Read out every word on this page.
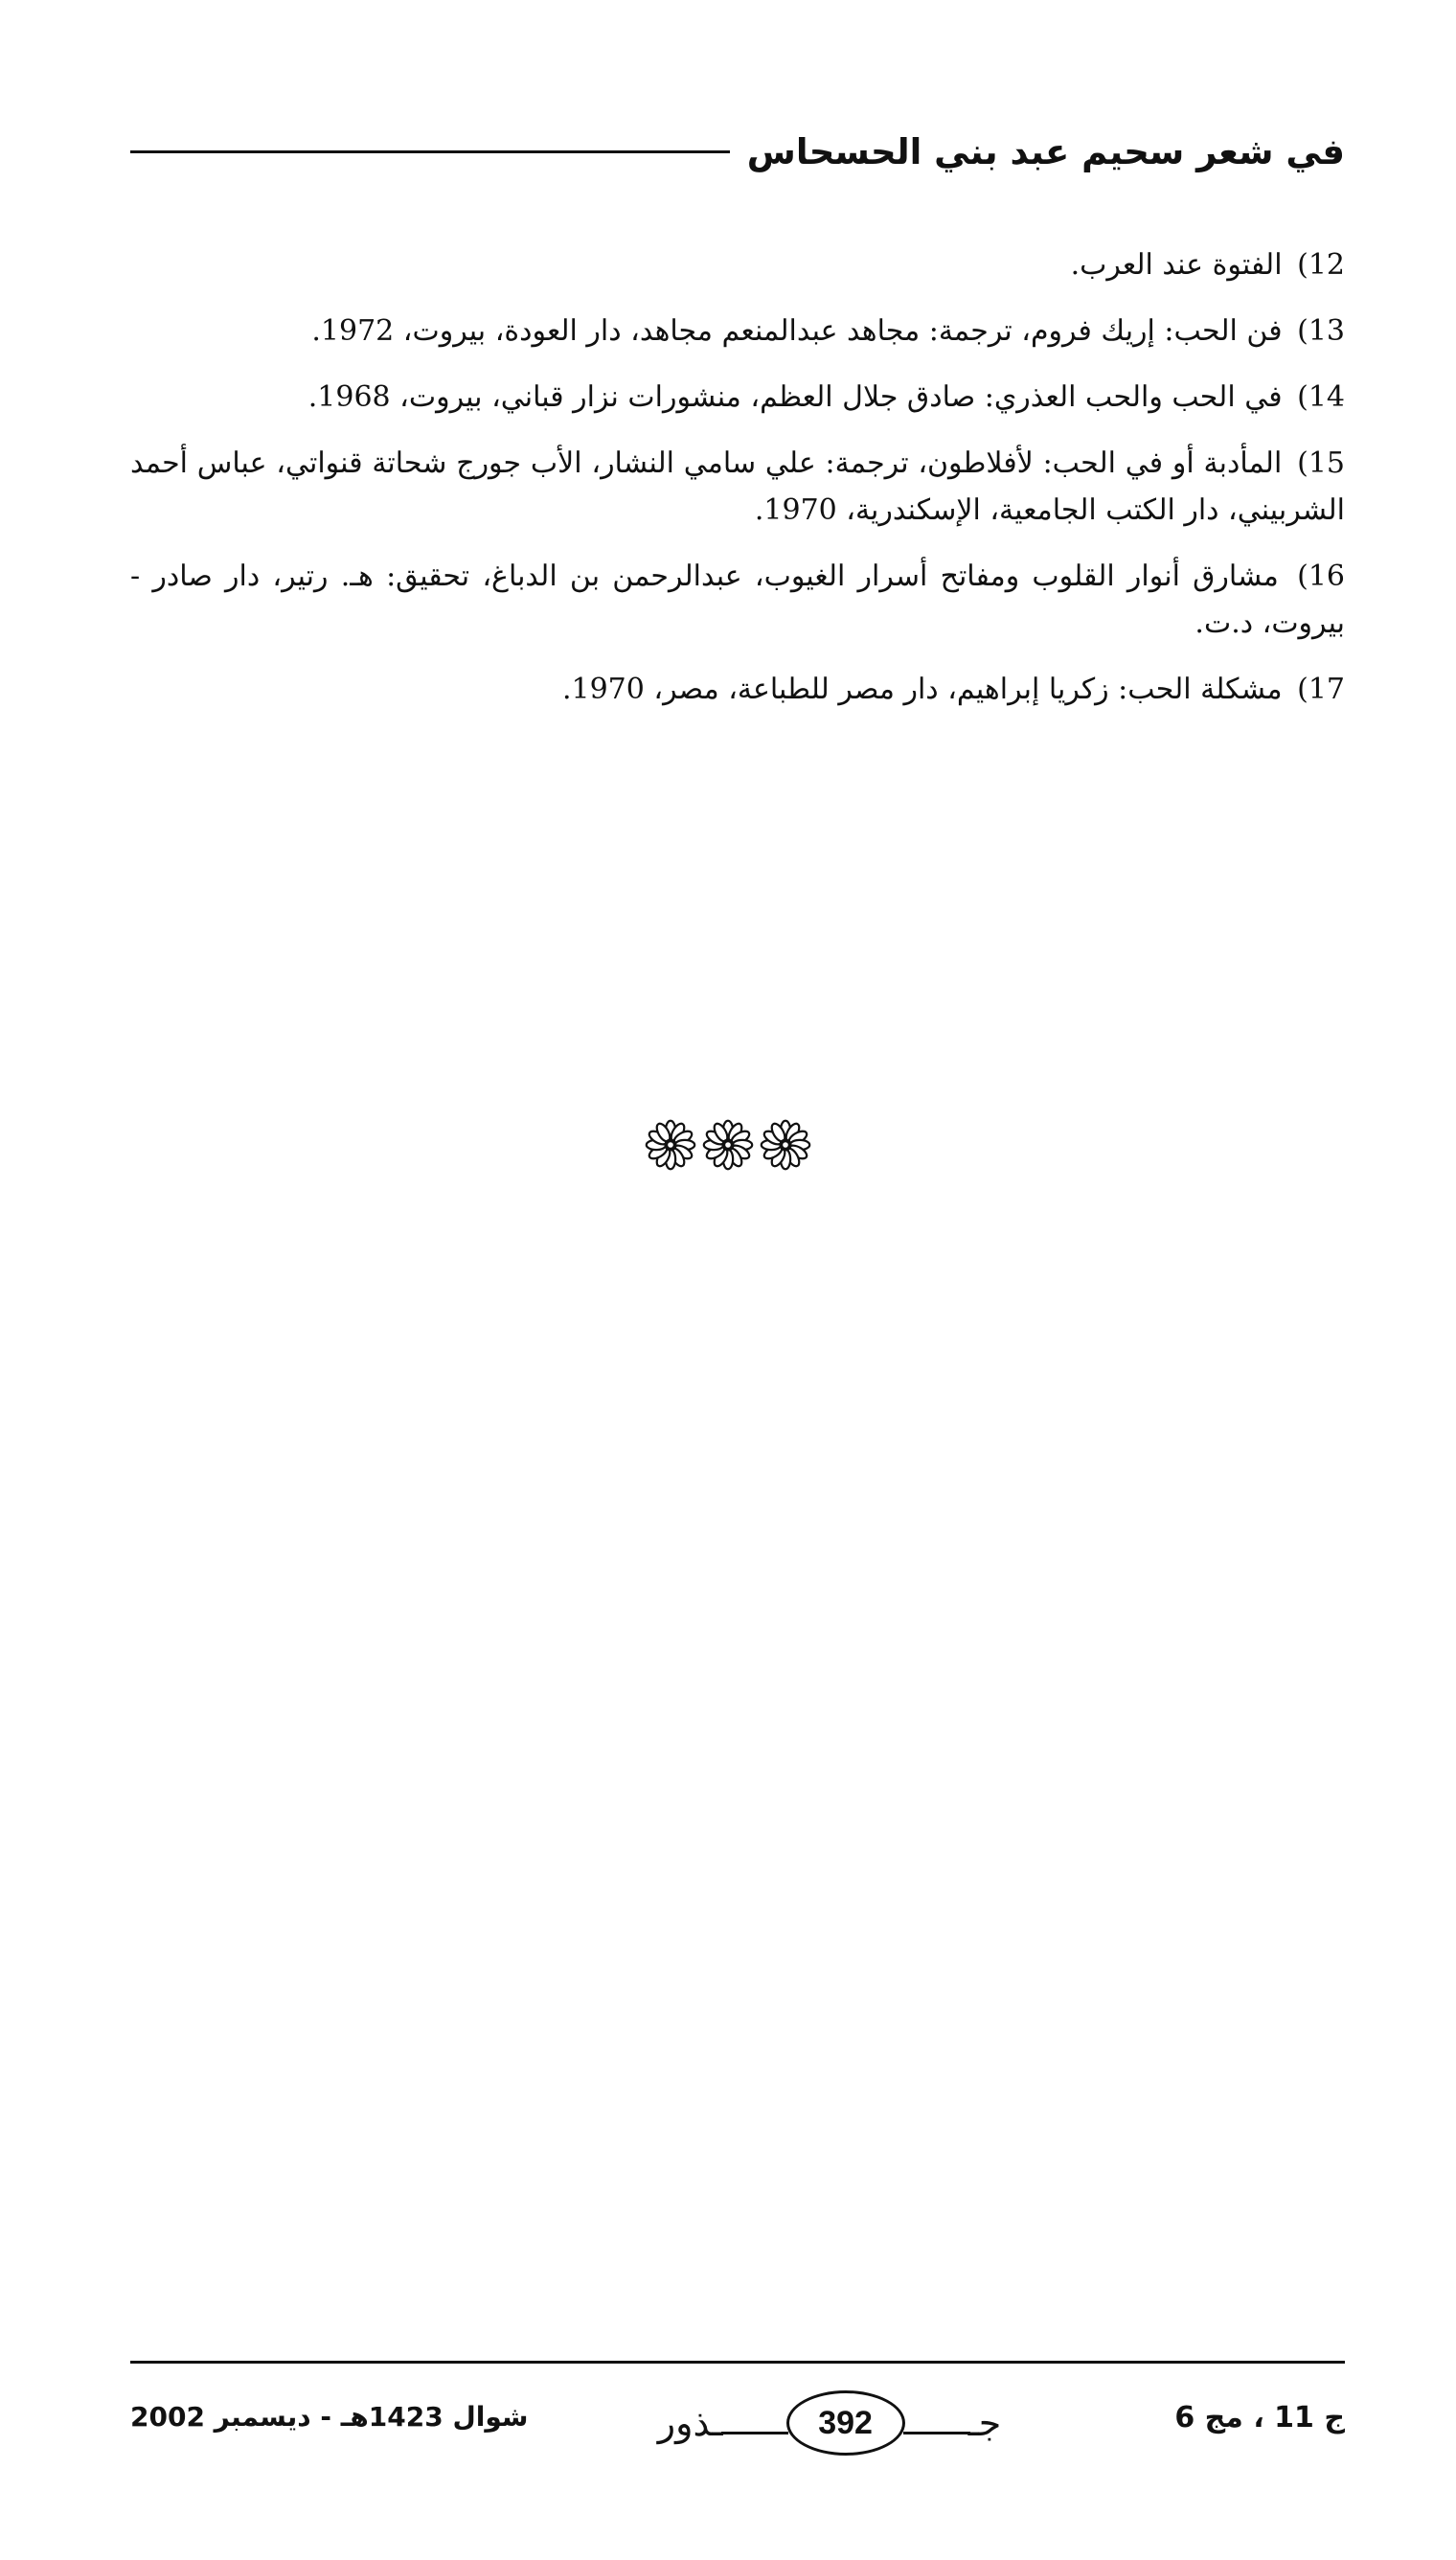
في شعر سحيم عبد بني الحسحاس

12) الفتوة عند العرب.

13) فن الحب: إريك فروم، ترجمة: مجاهد عبدالمنعم مجاهد، دار العودة، بيروت، 1972.

14) في الحب والحب العذري: صادق جلال العظم، منشورات نزار قباني، بيروت، 1968.

15) المأدبة أو في الحب: لأفلاطون، ترجمة: علي سامي النشار، الأب جورج شحاتة قنواتي، عباس أحمد الشربيني، دار الكتب الجامعية، الإسكندرية، 1970.

16) مشارق أنوار القلوب ومفاتح أسرار الغيوب، عبدالرحمن بن الدباغ، تحقيق: هـ. رتير، دار صادر - بيروت، د.ت.

17) مشكلة الحب: زكريا إبراهيم، دار مصر للطباعة، مصر، 1970.

ج 11 ، مج 6
جـ
392
ـذور
شوال 1423هـ - ديسمبر 2002
